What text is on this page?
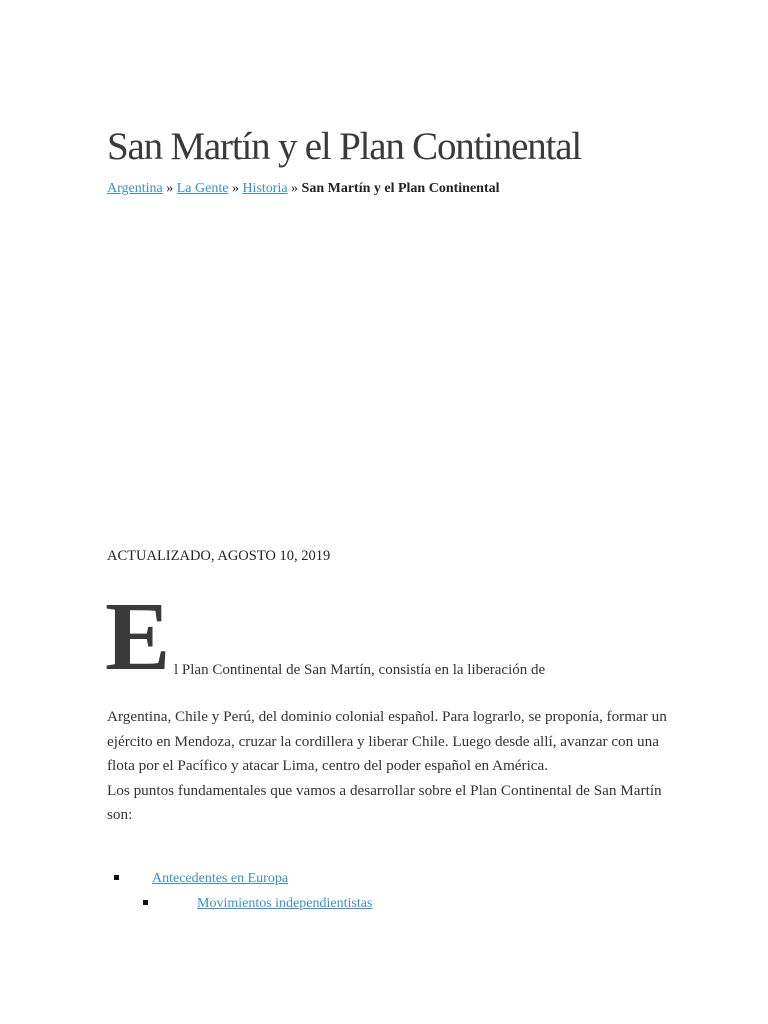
San Martín y el Plan Continental
Argentina » La Gente » Historia » San Martín y el Plan Continental
ACTUALIZADO, AGOSTO 10, 2019
E l Plan Continental de San Martín, consistía en la liberación de

Argentina, Chile y Perú, del dominio colonial español. Para lograrlo, se proponía, formar un ejército en Mendoza, cruzar la cordillera y liberar Chile. Luego desde allí, avanzar con una flota por el Pacífico y atacar Lima, centro del poder español en América.

Los puntos fundamentales que vamos a desarrollar sobre el Plan Continental de San Martín son:

Antecedentes en Europa
Movimientos independientistas
